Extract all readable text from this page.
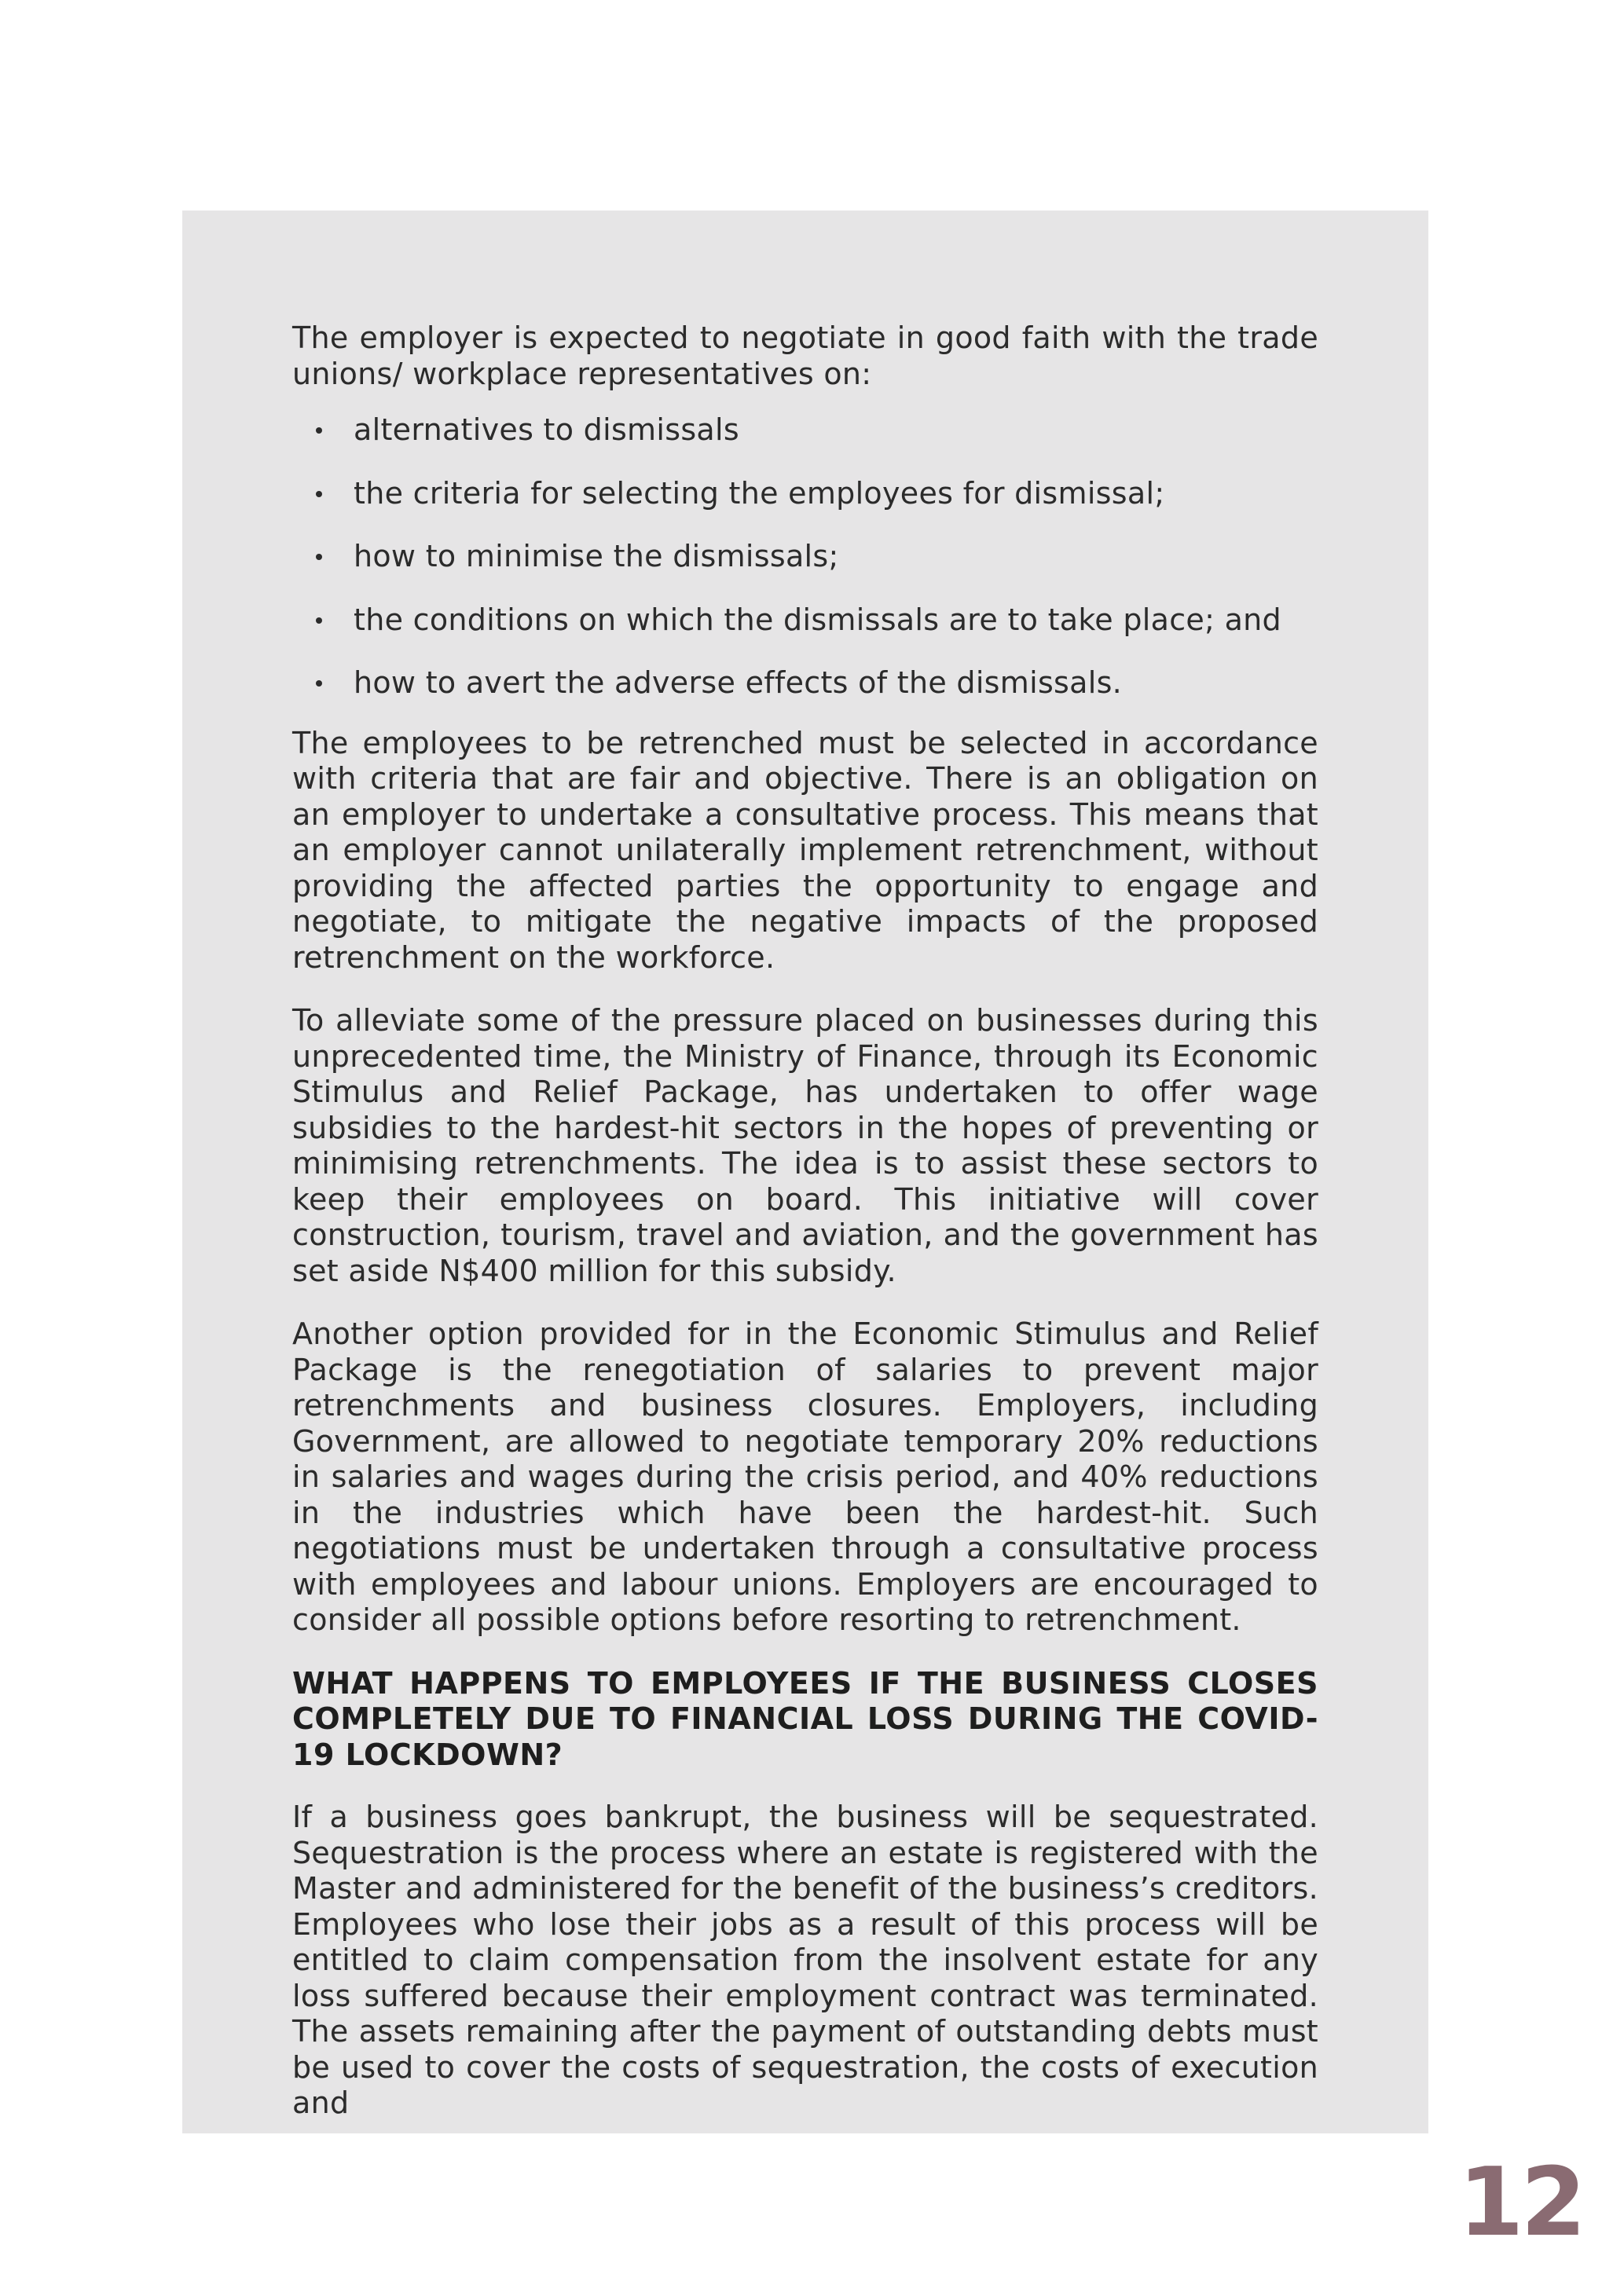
The employer is expected to negotiate in good faith with the trade unions/ workplace representatives on:

alternatives to dismissals
the criteria for selecting the employees for dismissal;
how to minimise the dismissals;
the conditions on which the dismissals are to take place; and
how to avert the adverse effects of the dismissals.

The employees to be retrenched must be selected in accordance with criteria that are fair and objective. There is an obligation on an employer to undertake a consultative process. This means that an employer cannot unilaterally implement retrenchment, without providing the affected parties the opportunity to engage and negotiate, to mitigate the negative impacts of the proposed retrenchment on the workforce.

To alleviate some of the pressure placed on businesses during this unprecedented time, the Ministry of Finance, through its Economic Stimulus and Relief Package, has undertaken to offer wage subsidies to the hardest-hit sectors in the hopes of preventing or minimising retrenchments. The idea is to assist these sectors to keep their employees on board. This initiative will cover construction, tourism, travel and aviation, and the government has set aside N$400 million for this subsidy.

Another option provided for in the Economic Stimulus and Relief Package is the renegotiation of salaries to prevent major retrenchments and business closures. Employers, including Government, are allowed to negotiate temporary 20% reductions in salaries and wages during the crisis period, and 40% reductions in the industries which have been the hardest-hit. Such negotiations must be undertaken through a consultative process with employees and labour unions. Employers are encouraged to consider all possible options before resorting to retrenchment.

WHAT HAPPENS TO EMPLOYEES IF THE BUSINESS CLOSES COMPLETELY DUE TO FINANCIAL LOSS DURING THE COVID-19 LOCKDOWN?

If a business goes bankrupt, the business will be sequestrated. Sequestration is the process where an estate is registered with the Master and administered for the benefit of the business’s creditors. Employees who lose their jobs as a result of this process will be entitled to claim compensation from the insolvent estate for any loss suffered because their employment contract was terminated. The assets remaining after the payment of outstanding debts must be used to cover the costs of sequestration, the costs of execution and

12
